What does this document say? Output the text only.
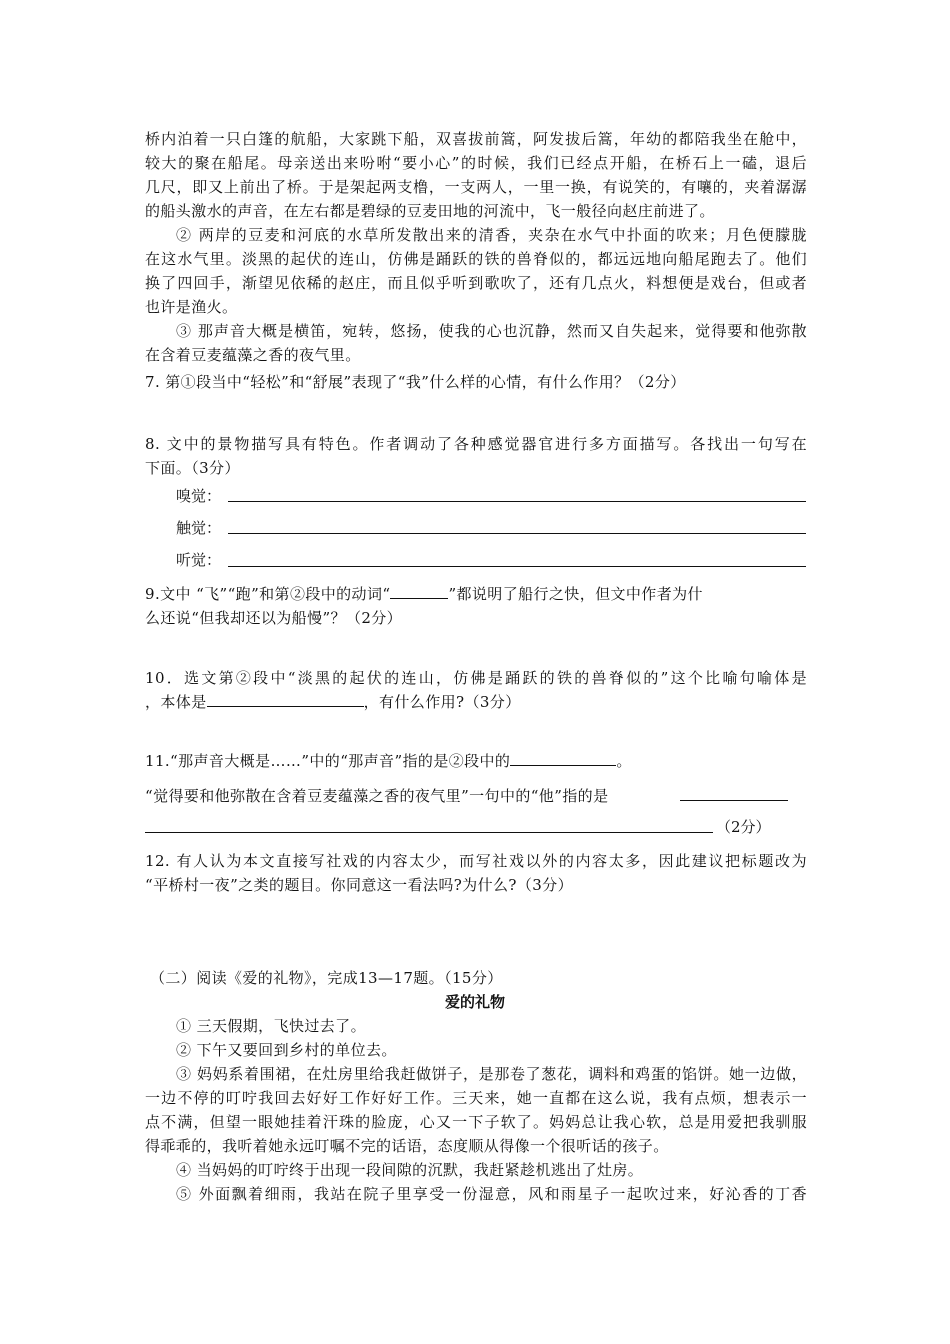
桥内泊着一只白篷的航船，大家跳下船，双喜拔前篙，阿发拔后篙，年幼的都陪我坐在舱中，
较大的聚在船尾。母亲送出来吩咐“要小心”的时候，我们已经点开船，在桥石上一磕，退后
几尺，即又上前出了桥。于是架起两支橹，一支两人，一里一换，有说笑的，有嚷的，夹着潺潺
的船头激水的声音，在左右都是碧绿的豆麦田地的河流中，飞一般径向赵庄前进了。
② 两岸的豆麦和河底的水草所发散出来的清香，夹杂在水气中扑面的吹来；月色便朦胧
在这水气里。淡黑的起伏的连山，仿佛是踊跃的铁的兽脊似的，都远远地向船尾跑去了。他们
换了四回手，渐望见依稀的赵庄，而且似乎听到歌吹了，还有几点火，料想便是戏台，但或者
也许是渔火。
③ 那声音大概是横笛，宛转，悠扬，使我的心也沉静，然而又自失起来，觉得要和他弥散
在含着豆麦蕴藻之香的夜气里。
7. 第①段当中“轻松”和“舒展”表现了“我”什么样的心情，有什么作用？（2分）
8. 文中的景物描写具有特色。作者调动了各种感觉器官进行多方面描写。各找出一句写在
下面。（3分）
嗅觉：
触觉：
听觉：
9.文中 “飞”“跑”和第②段中的动词“	”都说明了船行之快，但文中作者为什
么还说“但我却还以为船慢”？（2分）
10．选文第②段中“淡黑的起伏的连山，仿佛是踊跃的铁的兽脊似的”这个比喻句喻体是
，本体是	，有什么作用?（3分）
11.“那声音大概是……”中的“那声音”指的是②段中的	。
“觉得要和他弥散在含着豆麦蕴藻之香的夜气里”一句中的“他”指的是
（2分）
12. 有人认为本文直接写社戏的内容太少，而写社戏以外的内容太多，因此建议把标题改为
“平桥村一夜”之类的题目。你同意这一看法吗?为什么?（3分）
（二）阅读《爱的礼物》，完成13—17题。（15分）
爱的礼物
① 三天假期，飞快过去了。
② 下午又要回到乡村的单位去。
③ 妈妈系着围裙，在灶房里给我赶做饼子，是那卷了葱花，调料和鸡蛋的馅饼。她一边做，
一边不停的叮咛我回去好好工作好好工作。三天来，她一直都在这么说，我有点烦，想表示一
点不满，但望一眼她挂着汗珠的脸庞，心又一下子软了。妈妈总让我心软，总是用爱把我驯服
得乖乖的，我听着她永远叮嘱不完的话语，态度顺从得像一个很听话的孩子。
④ 当妈妈的叮咛终于出现一段间隙的沉默，我赶紧趁机逃出了灶房。
⑤ 外面飘着细雨，我站在院子里享受一份湿意，风和雨星子一起吹过来，好沁香的丁香
